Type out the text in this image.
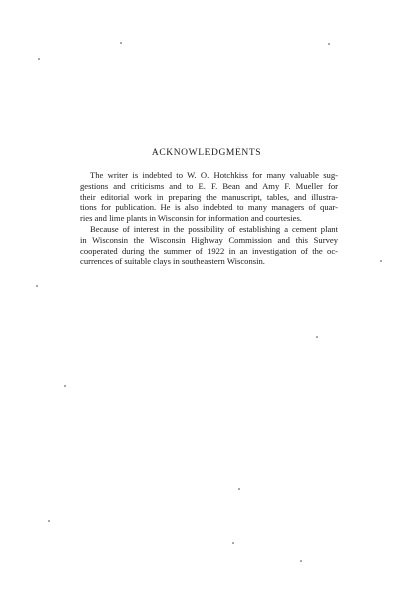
ACKNOWLEDGMENTS
The writer is indebted to W. O. Hotchkiss for many valuable sug-
gestions and criticisms and to E. F. Bean and Amy F. Mueller for
their editorial work in preparing the manuscript, tables, and illustra-
tions for publication. He is also indebted to many managers of quar-
ries and lime plants in Wisconsin for information and courtesies.
Because of interest in the possibility of establishing a cement plant
in Wisconsin the Wisconsin Highway Commission and this Survey
cooperated during the summer of 1922 in an investigation of the oc-
currences of suitable clays in southeastern Wisconsin.
